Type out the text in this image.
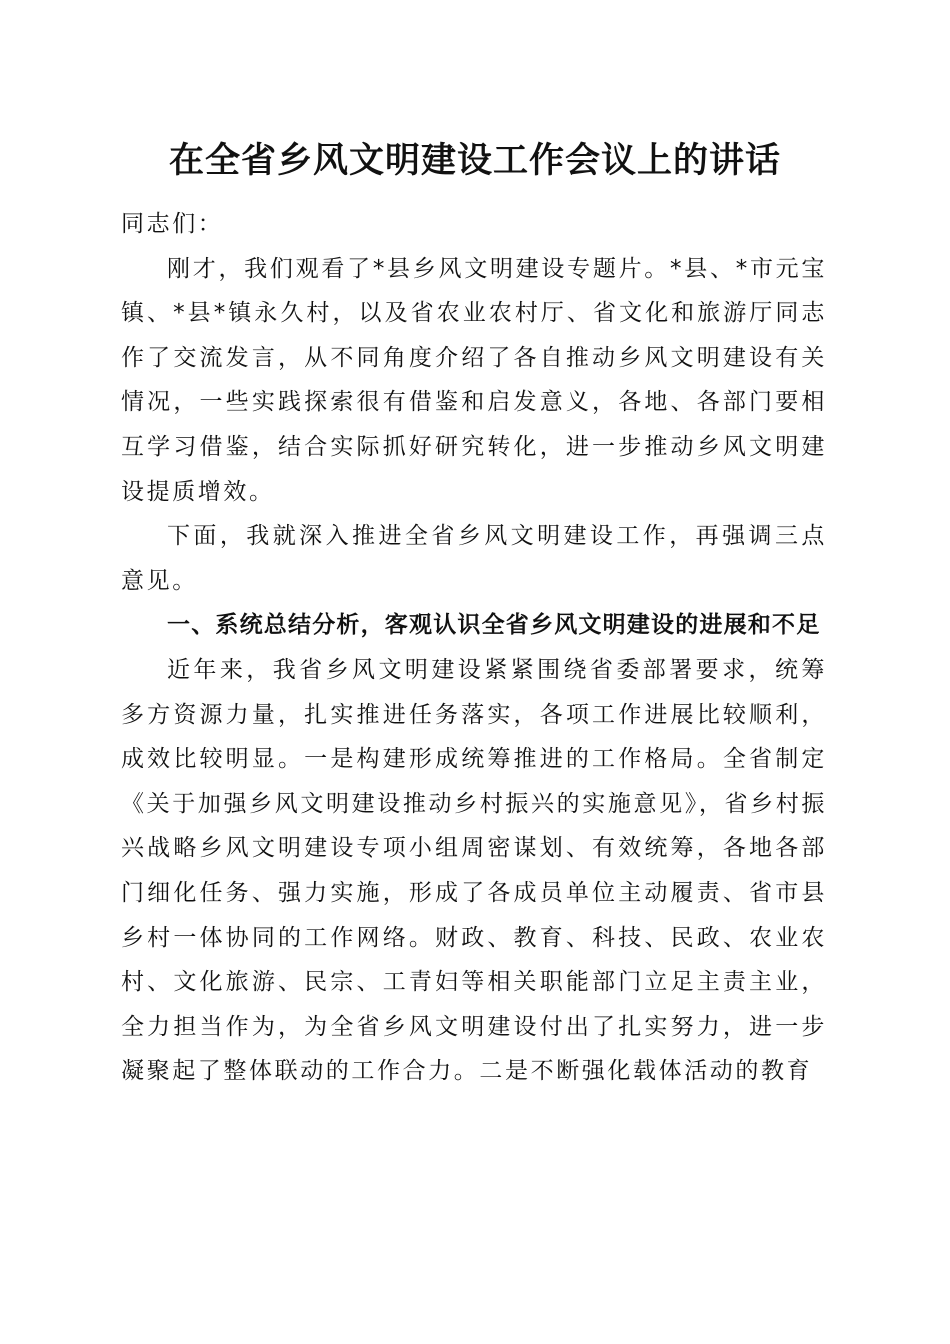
在全省乡风文明建设工作会议上的讲话

同志们：

刚才，我们观看了*县乡风文明建设专题片。*县、*市元宝镇、*县*镇永久村，以及省农业农村厅、省文化和旅游厅同志作了交流发言，从不同角度介绍了各自推动乡风文明建设有关情况，一些实践探索很有借鉴和启发意义，各地、各部门要相互学习借鉴，结合实际抓好研究转化，进一步推动乡风文明建设提质增效。

下面，我就深入推进全省乡风文明建设工作，再强调三点意见。

一、系统总结分析，客观认识全省乡风文明建设的进展和不足

近年来，我省乡风文明建设紧紧围绕省委部署要求，统筹多方资源力量，扎实推进任务落实，各项工作进展比较顺利，成效比较明显。一是构建形成统筹推进的工作格局。全省制定《关于加强乡风文明建设推动乡村振兴的实施意见》，省乡村振兴战略乡风文明建设专项小组周密谋划、有效统筹，各地各部门细化任务、强力实施，形成了各成员单位主动履责、省市县乡村一体协同的工作网络。财政、教育、科技、民政、农业农村、文化旅游、民宗、工青妇等相关职能部门立足主责主业，全力担当作为，为全省乡风文明建设付出了扎实努力，进一步凝聚起了整体联动的工作合力。二是不断强化载体活动的教育
